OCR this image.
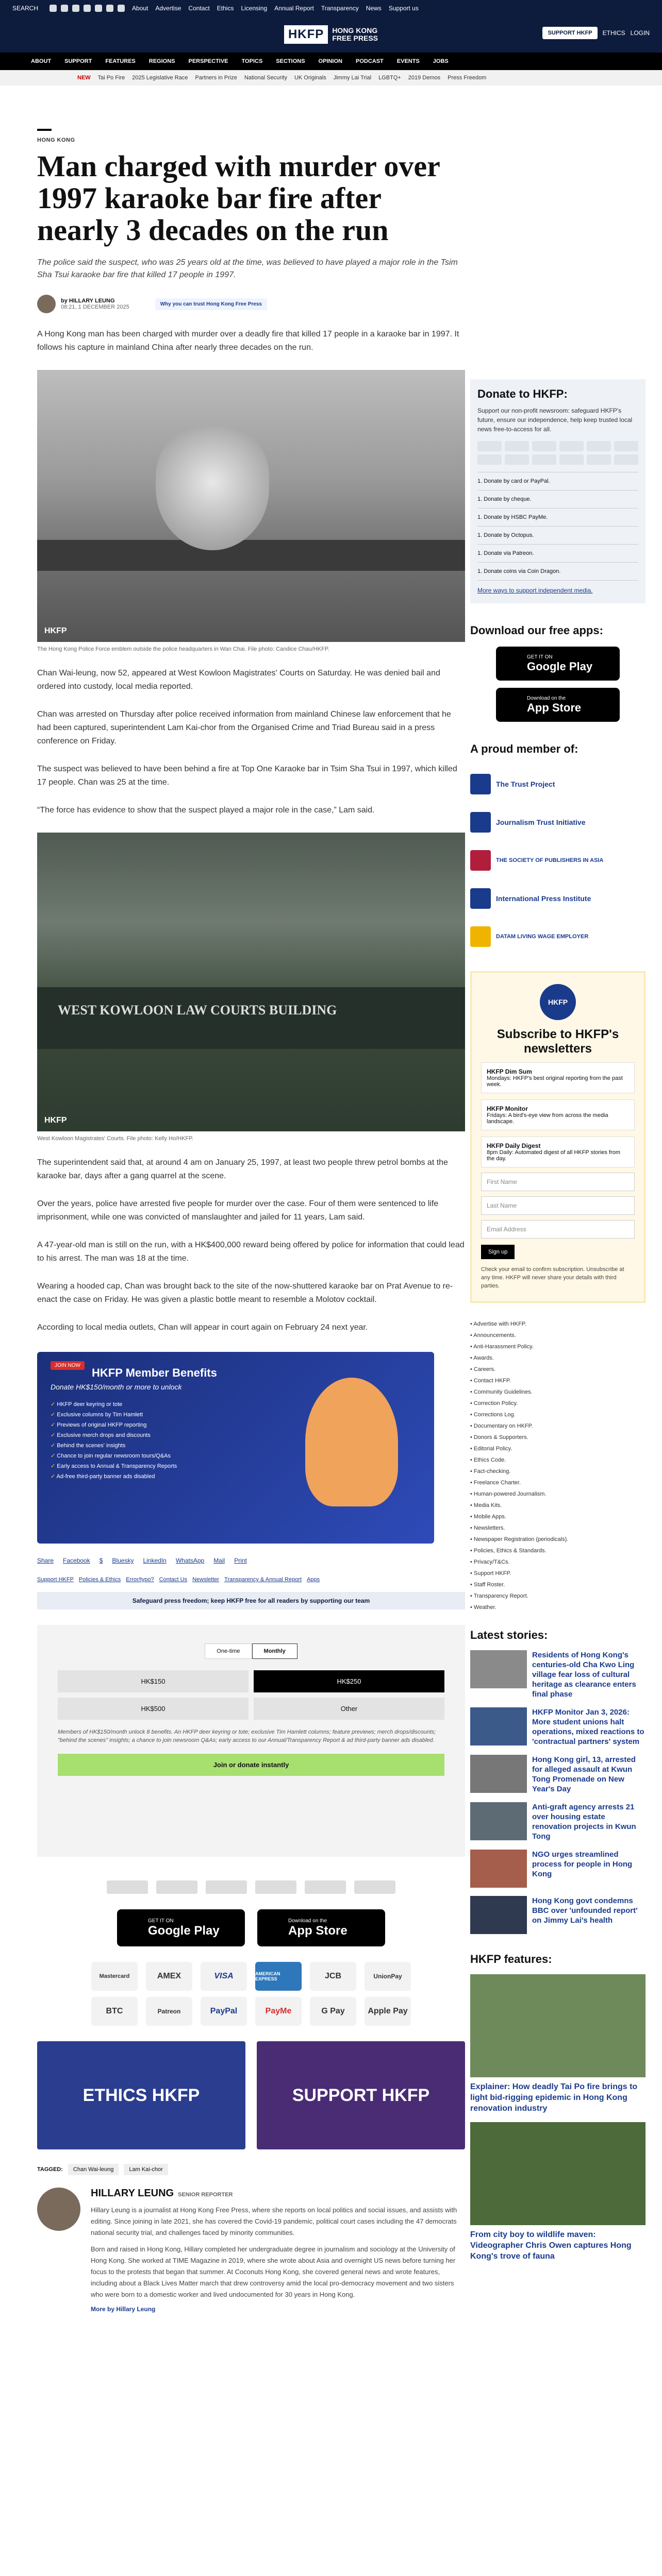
SEARCH	About Advertise Contact Ethics Licensing Annual Report Transparency News Support us
HKFP	HONG KONG
FREE PRESS
SUPPORT HKFP	ETHICS LOGIN
ABOUT SUPPORT FEATURES REGIONS PERSPECTIVE TOPICS SECTIONS OPINION PODCAST EVENTS JOBS
NEW Tai Po Fire 2025 Legislative Race Partners in Prize National Security UK Originals Jimmy Lai Trial LGBTQ+ 2019 Demos Press Freedom
HONG KONG
Man charged with murder over 1997 karaoke bar fire after nearly 3 decades on the run
The police said the suspect, who was 25 years old at the time, was believed to have played a major role in the Tsim Sha Tsui karaoke bar fire that killed 17 people in 1997.
by HILLARY LEUNG
08:21, 1 DECEMBER 2025	Why you can trust Hong Kong Free Press

A Hong Kong man has been charged with murder over a deadly fire that killed 17 people in a karaoke bar in 1997. It follows his capture in mainland China after nearly three decades on the run.

HKFP
The Hong Kong Police Force emblem outside the police headquarters in Wan Chai. File photo: Candice Chau/HKFP.

Chan Wai-leung, now 52, appeared at West Kowloon Magistrates' Courts on Saturday. He was denied bail and ordered into custody, local media reported.

Chan was arrested on Thursday after police received information from mainland Chinese law enforcement that he had been captured, superintendent Lam Kai-chor from the Organised Crime and Triad Bureau said in a press conference on Friday.

The suspect was believed to have been behind a fire at Top One Karaoke bar in Tsim Sha Tsui in 1997, which killed 17 people. Chan was 25 at the time.

“The force has evidence to show that the suspect played a major role in the case,” Lam said.

WEST KOWLOON LAW COURTS BUILDING
HKFP
West Kowloon Magistrates' Courts. File photo: Kelly Ho/HKFP.

The superintendent said that, at around 4 am on January 25, 1997, at least two people threw petrol bombs at the karaoke bar, days after a gang quarrel at the scene.

Over the years, police have arrested five people for murder over the case. Four of them were sentenced to life imprisonment, while one was convicted of manslaughter and jailed for 11 years, Lam said.

A 47-year-old man is still on the run, with a HK$400,000 reward being offered by police for information that could lead to his arrest. The man was 18 at the time.

Wearing a hooded cap, Chan was brought back to the site of the now-shuttered karaoke bar on Prat Avenue to re-enact the case on Friday. He was given a plastic bottle meant to resemble a Molotov cocktail.

According to local media outlets, Chan will appear in court again on February 24 next year.

JOIN NOW
HKFP Member Benefits
Donate HK$150/month or more to unlock
✓ HKFP deer keyring or tote
✓ Exclusive columns by Tim Hamlett
✓ Previews of original HKFP reporting
✓ Exclusive merch drops and discounts
✓ Behind the scenes' insights
✓ Chance to join regular newsroom tours/Q&As
✓ Early access to Annual & Transparency Reports
✓ Ad-free third-party banner ads disabled
Share Facebook $ Bluesky LinkedIn WhatsApp Mail Print
Support HKFP Policies & Ethics Error/typo? Contact Us Newsletter Transparency & Annual Report Apps
Safeguard press freedom; keep HKFP free for all readers by supporting our team
One-time	Monthly
HK$150	HK$250
HK$500	Other
Members of HK$150/month unlock 8 benefits. An HKFP deer keyring or tote; exclusive Tim Hamlett columns; feature previews; merch drops/discounts; "behind the scenes" insights; a chance to join newsroom Q&As; early access to our Annual/Transparency Report & ad third-party banner ads disabled.
Join or donate instantly
GET IT ON
Google Play
Download on the
App Store
Mastercard	AMEX	VISA	AMERICAN EXPRESS	JCB	UnionPay
BTC	Patreon	PayPal	PayMe	G Pay	Apple Pay
ETHICS HKFP	SUPPORT HKFP
TAGGED:	Chan Wai-leung	Lam Kai-chor
HILLARY LEUNG SENIOR REPORTER

Hillary Leung is a journalist at Hong Kong Free Press, where she reports on local politics and social issues, and assists with editing. Since joining in late 2021, she has covered the Covid-19 pandemic, political court cases including the 47 democrats national security trial, and challenges faced by minority communities.

Born and raised in Hong Kong, Hillary completed her undergraduate degree in journalism and sociology at the University of Hong Kong. She worked at TIME Magazine in 2019, where she wrote about Asia and overnight US news before turning her focus to the protests that began that summer. At Coconuts Hong Kong, she covered general news and wrote features, including about a Black Lives Matter march that drew controversy amid the local pro-democracy movement and two sisters who were born to a domestic worker and lived undocumented for 30 years in Hong Kong.

More by Hillary Leung
Donate to HKFP:

Support our non-profit newsroom: safeguard HKFP's future, ensure our independence, help keep trusted local news free-to-access for all.

1. Donate by card or PayPal.
1. Donate by cheque.
1. Donate by HSBC PayMe.
1. Donate by Octopus.
1. Donate via Patreon.
1. Donate coins via Coin Dragon.

More ways to support independent media.

Download our free apps:
GET IT ON
Google Play
Download on the
App Store
A proud member of:
The Trust Project
Journalism Trust Initiative
THE SOCIETY OF PUBLISHERS IN ASIA
International Press Institute
DATAM LIVING WAGE EMPLOYER
HKFP
Subscribe to HKFP's newsletters
HKFP Dim Sum
Mondays: HKFP's best original reporting from the past week.
HKFP Monitor
Fridays: A bird's-eye view from across the media landscape.
HKFP Daily Digest
8pm Daily: Automated digest of all HKFP stories from the day.
First Name
Last Name
Email Address
Sign up

Check your email to confirm subscription. Unsubscribe at any time. HKFP will never share your details with third parties.

• Advertise with HKFP.
• Announcements.
• Anti-Harassment Policy.
• Awards.
• Careers.
• Contact HKFP.
• Community Guidelines.
• Correction Policy.
• Corrections Log.
• Documentary on HKFP.
• Donors & Supporters.
• Editorial Policy.
• Ethics Code.
• Fact-checking.
• Freelance Charter.
• Human-powered Journalism.
• Media Kits.
• Mobile Apps.
• Newsletters.
• Newspaper Registration (periodicals).
• Policies, Ethics & Standards.
• Privacy/T&Cs.
• Support HKFP.
• Staff Roster.
• Transparency Report.
• Weather.
Latest stories:
Residents of Hong Kong's centuries-old Cha Kwo Ling village fear loss of cultural heritage as clearance enters final phase
HKFP Monitor Jan 3, 2026: More student unions halt operations, mixed reactions to 'contractual partners' system
Hong Kong girl, 13, arrested for alleged assault at Kwun Tong Promenade on New Year's Day
Anti-graft agency arrests 21 over housing estate renovation projects in Kwun Tong
NGO urges streamlined process for people in Hong Kong
Hong Kong govt condemns BBC over 'unfounded report' on Jimmy Lai's health
HKFP features:
Explainer: How deadly Tai Po fire brings to light bid-rigging epidemic in Hong Kong renovation industry
From city boy to wildlife maven: Videographer Chris Owen captures Hong Kong's trove of fauna
